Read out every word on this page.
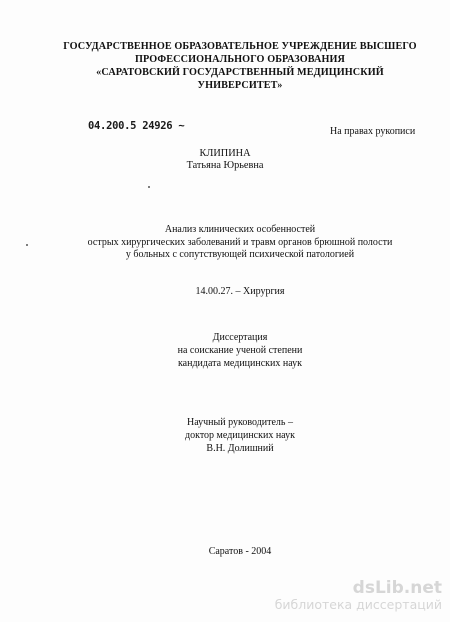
ГОСУДАРСТВЕННОЕ ОБРАЗОВАТЕЛЬНОЕ УЧРЕЖДЕНИЕ ВЫСШЕГО
ПРОФЕССИОНАЛЬНОГО ОБРАЗОВАНИЯ
«САРАТОВСКИЙ ГОСУДАРСТВЕННЫЙ МЕДИЦИНСКИЙ
УНИВЕРСИТЕТ»
04.200.5 24926 ~	На правах рукописи
КЛИПИНА
Татьяна Юрьевна
Анализ клинических особенностей
острых хирургических заболеваний и травм органов брюшной полости
у больных с сопутствующей психической патологией
14.00.27. – Хирургия
Диссертация
на соискание ученой степени
кандидата медицинских наук
Научный руководитель –
доктор медицинских наук
В.Н. Долишний
Саратов - 2004
dsLib.net
библиотека диссертаций
